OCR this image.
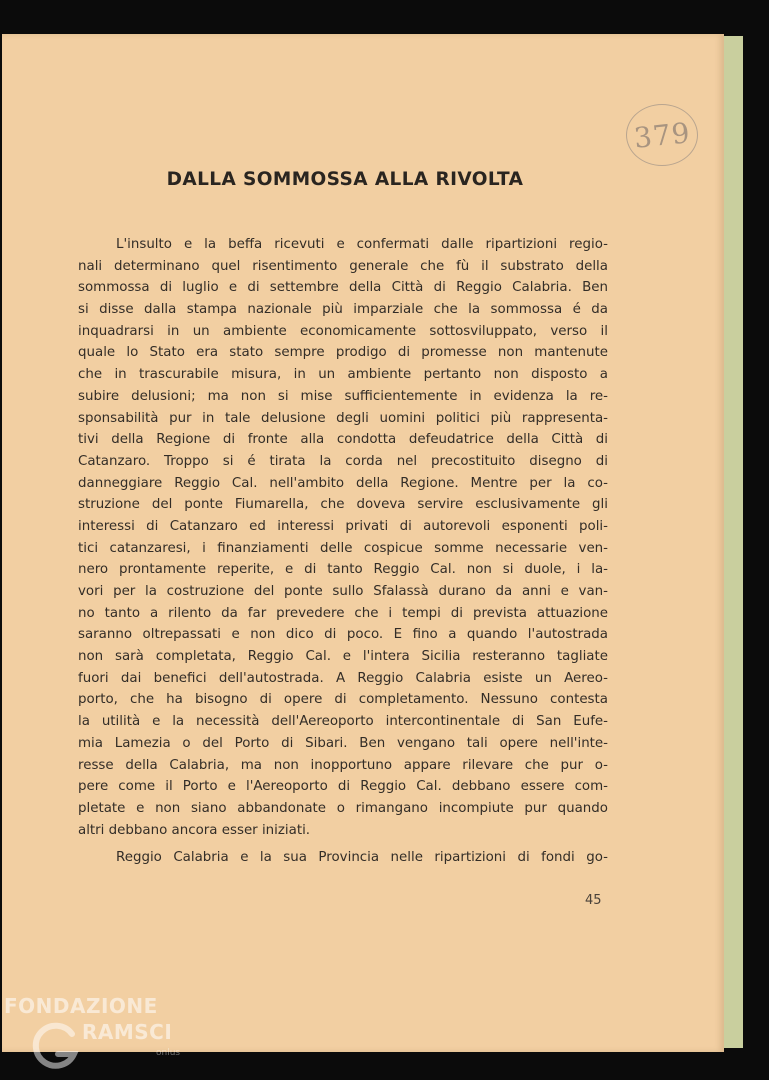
379
DALLA SOMMOSSA ALLA RIVOLTA
L'insulto e la beffa ricevuti e confermati dalle ripartizioni regio-
nali determinano quel risentimento generale che fù il substrato della
sommossa di luglio e di settembre della Città di Reggio Calabria. Ben
si disse dalla stampa nazionale più imparziale che la sommossa é da
inquadrarsi in un ambiente economicamente sottosviluppato, verso il
quale lo Stato era stato sempre prodigo di promesse non mantenute
che in trascurabile misura, in un ambiente pertanto non disposto a
subire delusioni; ma non si mise sufficientemente in evidenza la re-
sponsabilità pur in tale delusione degli uomini politici più rappresenta-
tivi della Regione di fronte alla condotta defeudatrice della Città di
Catanzaro. Troppo si é tirata la corda nel precostituito disegno di
danneggiare Reggio Cal. nell'ambito della Regione. Mentre per la co-
struzione del ponte Fiumarella, che doveva servire esclusivamente gli
interessi di Catanzaro ed interessi privati di autorevoli esponenti poli-
tici catanzaresi, i finanziamenti delle cospicue somme necessarie ven-
nero prontamente reperite, e di tanto Reggio Cal. non si duole, i la-
vori per la costruzione del ponte sullo Sfalassà durano da anni e van-
no tanto a rilento da far prevedere che i tempi di prevista attuazione
saranno oltrepassati e non dico di poco. E fino a quando l'autostrada
non sarà completata, Reggio Cal. e l'intera Sicilia resteranno tagliate
fuori dai benefici dell'autostrada. A Reggio Calabria esiste un Aereo-
porto, che ha bisogno di opere di completamento. Nessuno contesta
la utilità e la necessità dell'Aereoporto intercontinentale di San Eufe-
mia Lamezia o del Porto di Sibari. Ben vengano tali opere nell'inte-
resse della Calabria, ma non inopportuno appare rilevare che pur o-
pere come il Porto e l'Aereoporto di Reggio Cal. debbano essere com-
pletate e non siano abbandonate o rimangano incompiute pur quando
altri debbano ancora esser iniziati.
Reggio Calabria e la sua Provincia nelle ripartizioni di fondi go-
45
FONDAZIONE
RAMSCI
onlus
